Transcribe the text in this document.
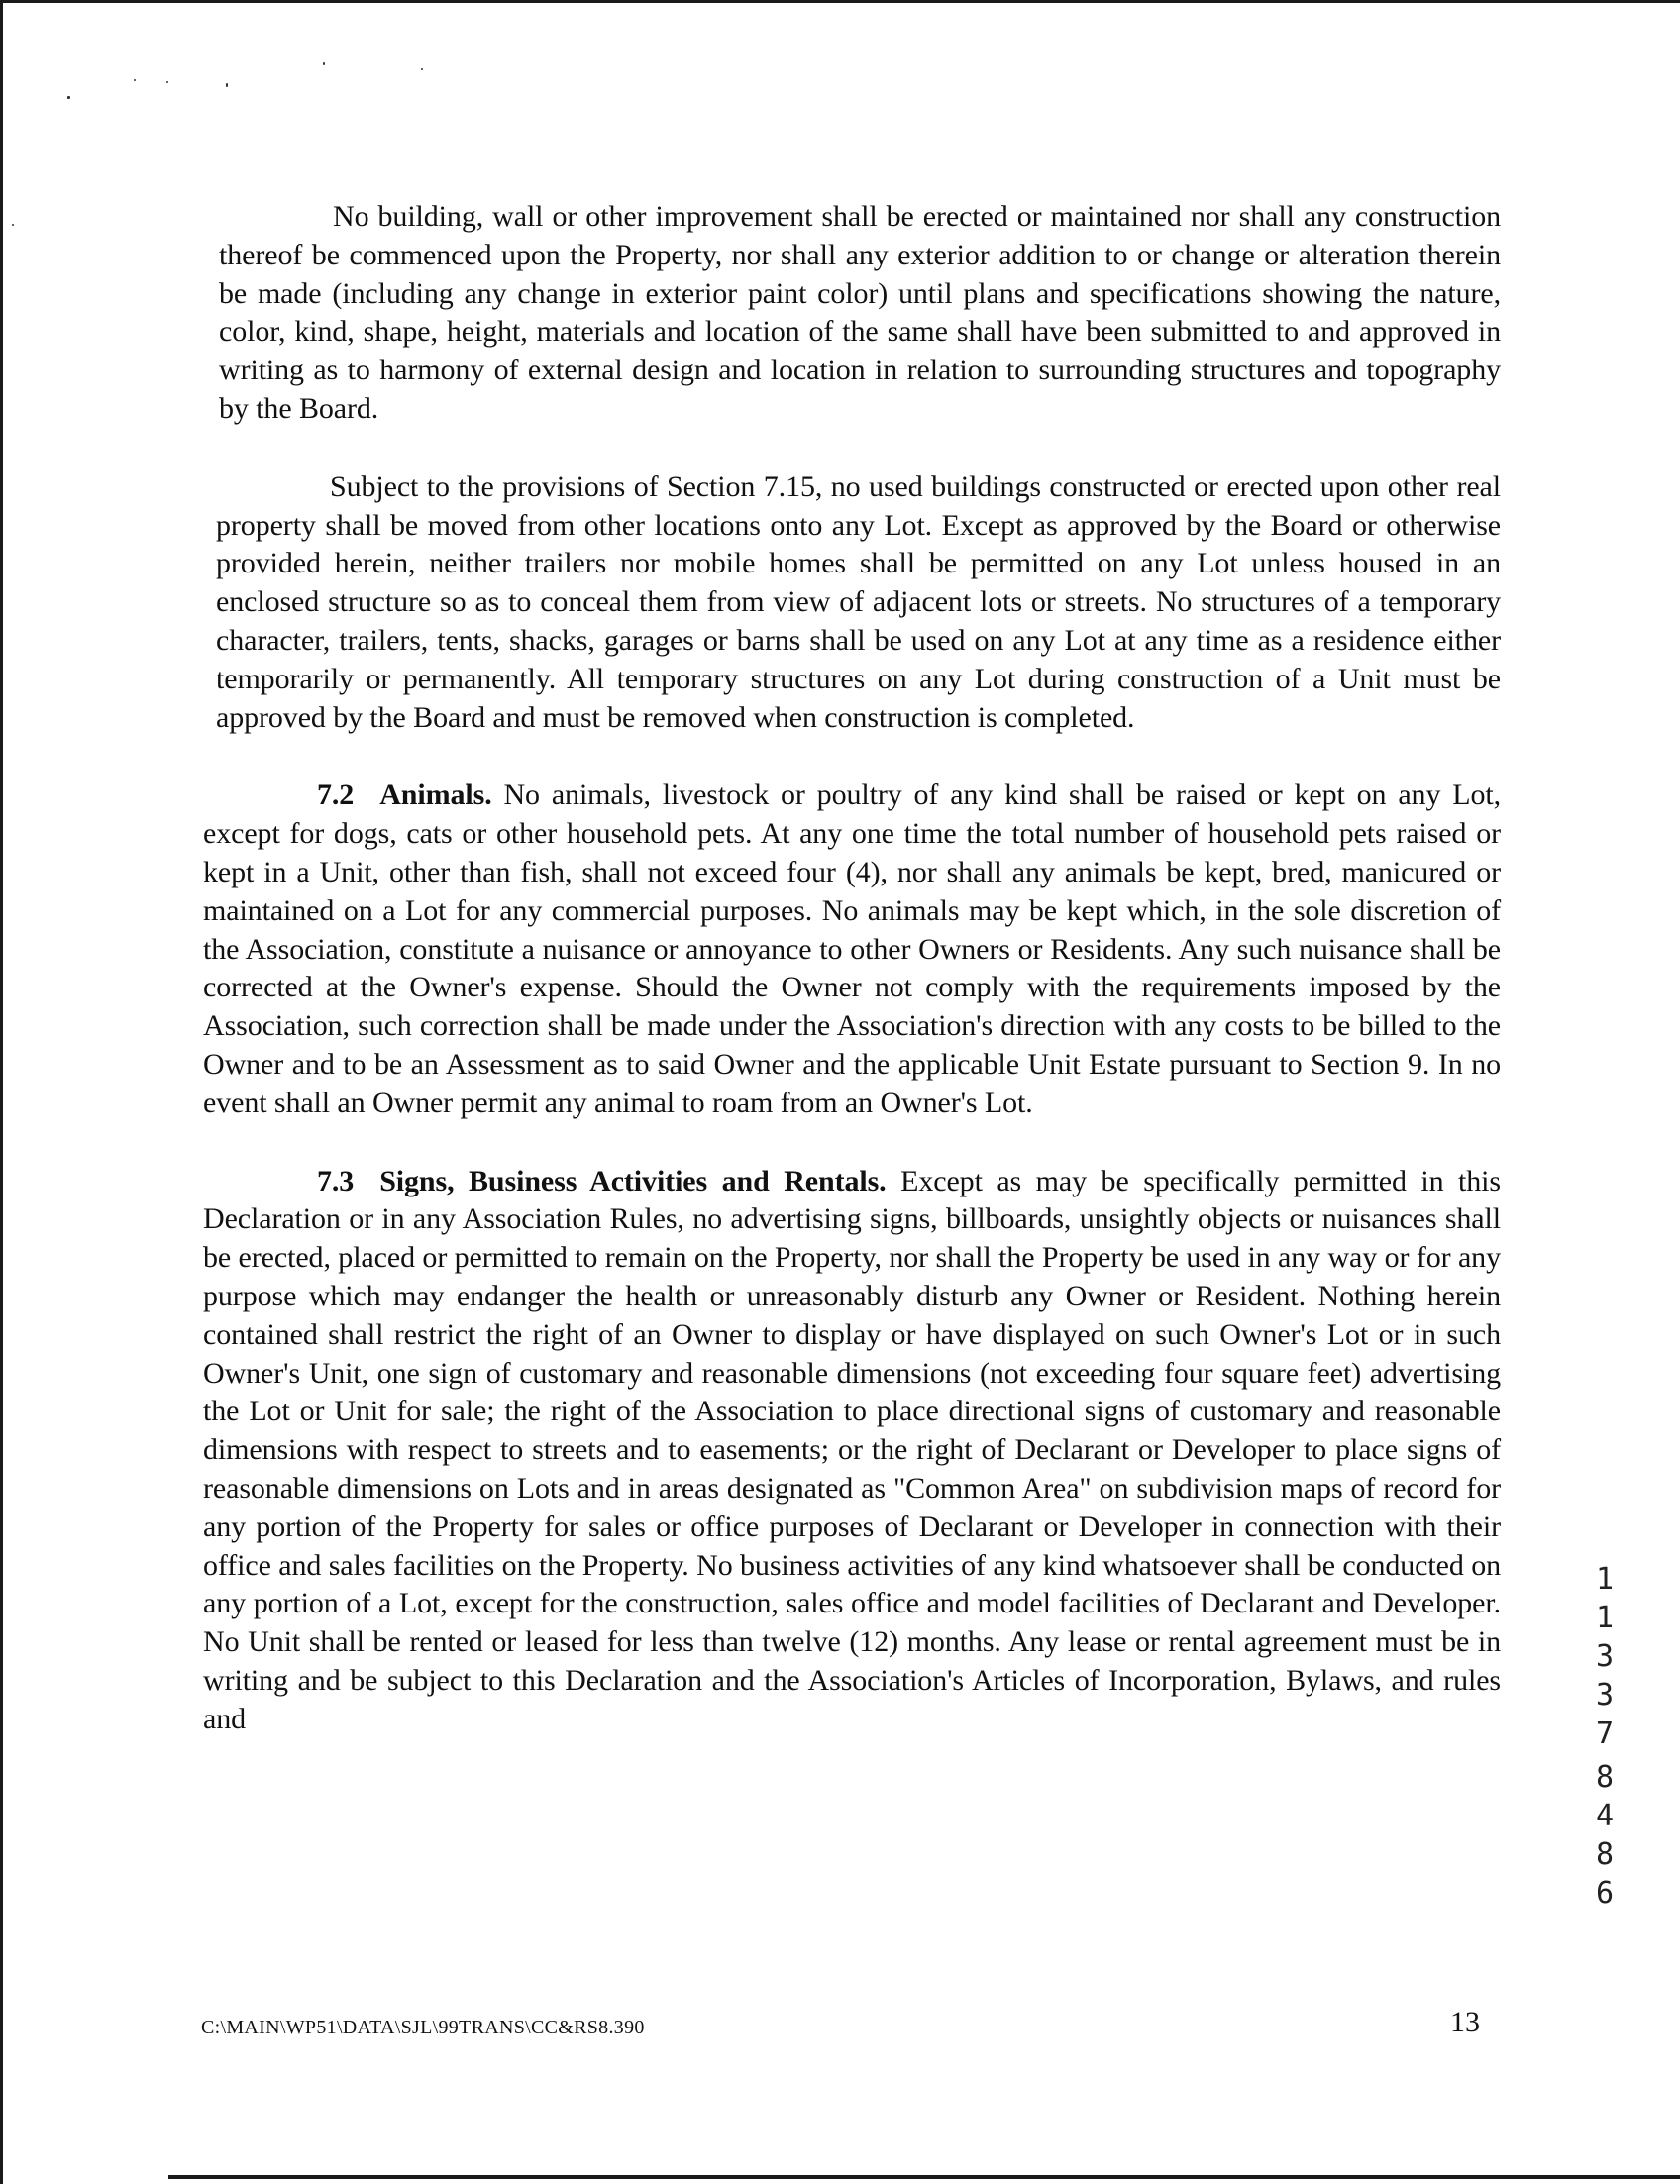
No building, wall or other improvement shall be erected or maintained nor shall any construction thereof be commenced upon the Property, nor shall any exterior addition to or change or alteration therein be made (including any change in exterior paint color) until plans and specifications showing the nature, color, kind, shape, height, materials and location of the same shall have been submitted to and approved in writing as to harmony of external design and location in relation to surrounding structures and topography by the Board.

Subject to the provisions of Section 7.15, no used buildings constructed or erected upon other real property shall be moved from other locations onto any Lot. Except as approved by the Board or otherwise provided herein, neither trailers nor mobile homes shall be permitted on any Lot unless housed in an enclosed structure so as to conceal them from view of adjacent lots or streets. No structures of a temporary character, trailers, tents, shacks, garages or barns shall be used on any Lot at any time as a residence either temporarily or permanently. All temporary structures on any Lot during construction of a Unit must be approved by the Board and must be removed when construction is completed.

7.2 Animals. No animals, livestock or poultry of any kind shall be raised or kept on any Lot, except for dogs, cats or other household pets. At any one time the total number of household pets raised or kept in a Unit, other than fish, shall not exceed four (4), nor shall any animals be kept, bred, manicured or maintained on a Lot for any commercial purposes. No animals may be kept which, in the sole discretion of the Association, constitute a nuisance or annoyance to other Owners or Residents. Any such nuisance shall be corrected at the Owner's expense. Should the Owner not comply with the requirements imposed by the Association, such correction shall be made under the Association's direction with any costs to be billed to the Owner and to be an Assessment as to said Owner and the applicable Unit Estate pursuant to Section 9. In no event shall an Owner permit any animal to roam from an Owner's Lot.

7.3 Signs, Business Activities and Rentals. Except as may be specifically permitted in this Declaration or in any Association Rules, no advertising signs, billboards, unsightly objects or nuisances shall be erected, placed or permitted to remain on the Property, nor shall the Property be used in any way or for any purpose which may endanger the health or unreasonably disturb any Owner or Resident. Nothing herein contained shall restrict the right of an Owner to display or have displayed on such Owner's Lot or in such Owner's Unit, one sign of customary and reasonable dimensions (not exceeding four square feet) advertising the Lot or Unit for sale; the right of the Association to place directional signs of customary and reasonable dimensions with respect to streets and to easements; or the right of Declarant or Developer to place signs of reasonable dimensions on Lots and in areas designated as "Common Area" on subdivision maps of record for any portion of the Property for sales or office purposes of Declarant or Developer in connection with their office and sales facilities on the Property. No business activities of any kind whatsoever shall be conducted on any portion of a Lot, except for the construction, sales office and model facilities of Declarant and Developer. No Unit shall be rented or leased for less than twelve (12) months. Any lease or rental agreement must be in writing and be subject to this Declaration and the Association's Articles of Incorporation, Bylaws, and rules and

1
1
3
3
7
8
4
8
6
C:\MAIN\WP51\DATA\SJL\99TRANS\CC&RS8.390	13
